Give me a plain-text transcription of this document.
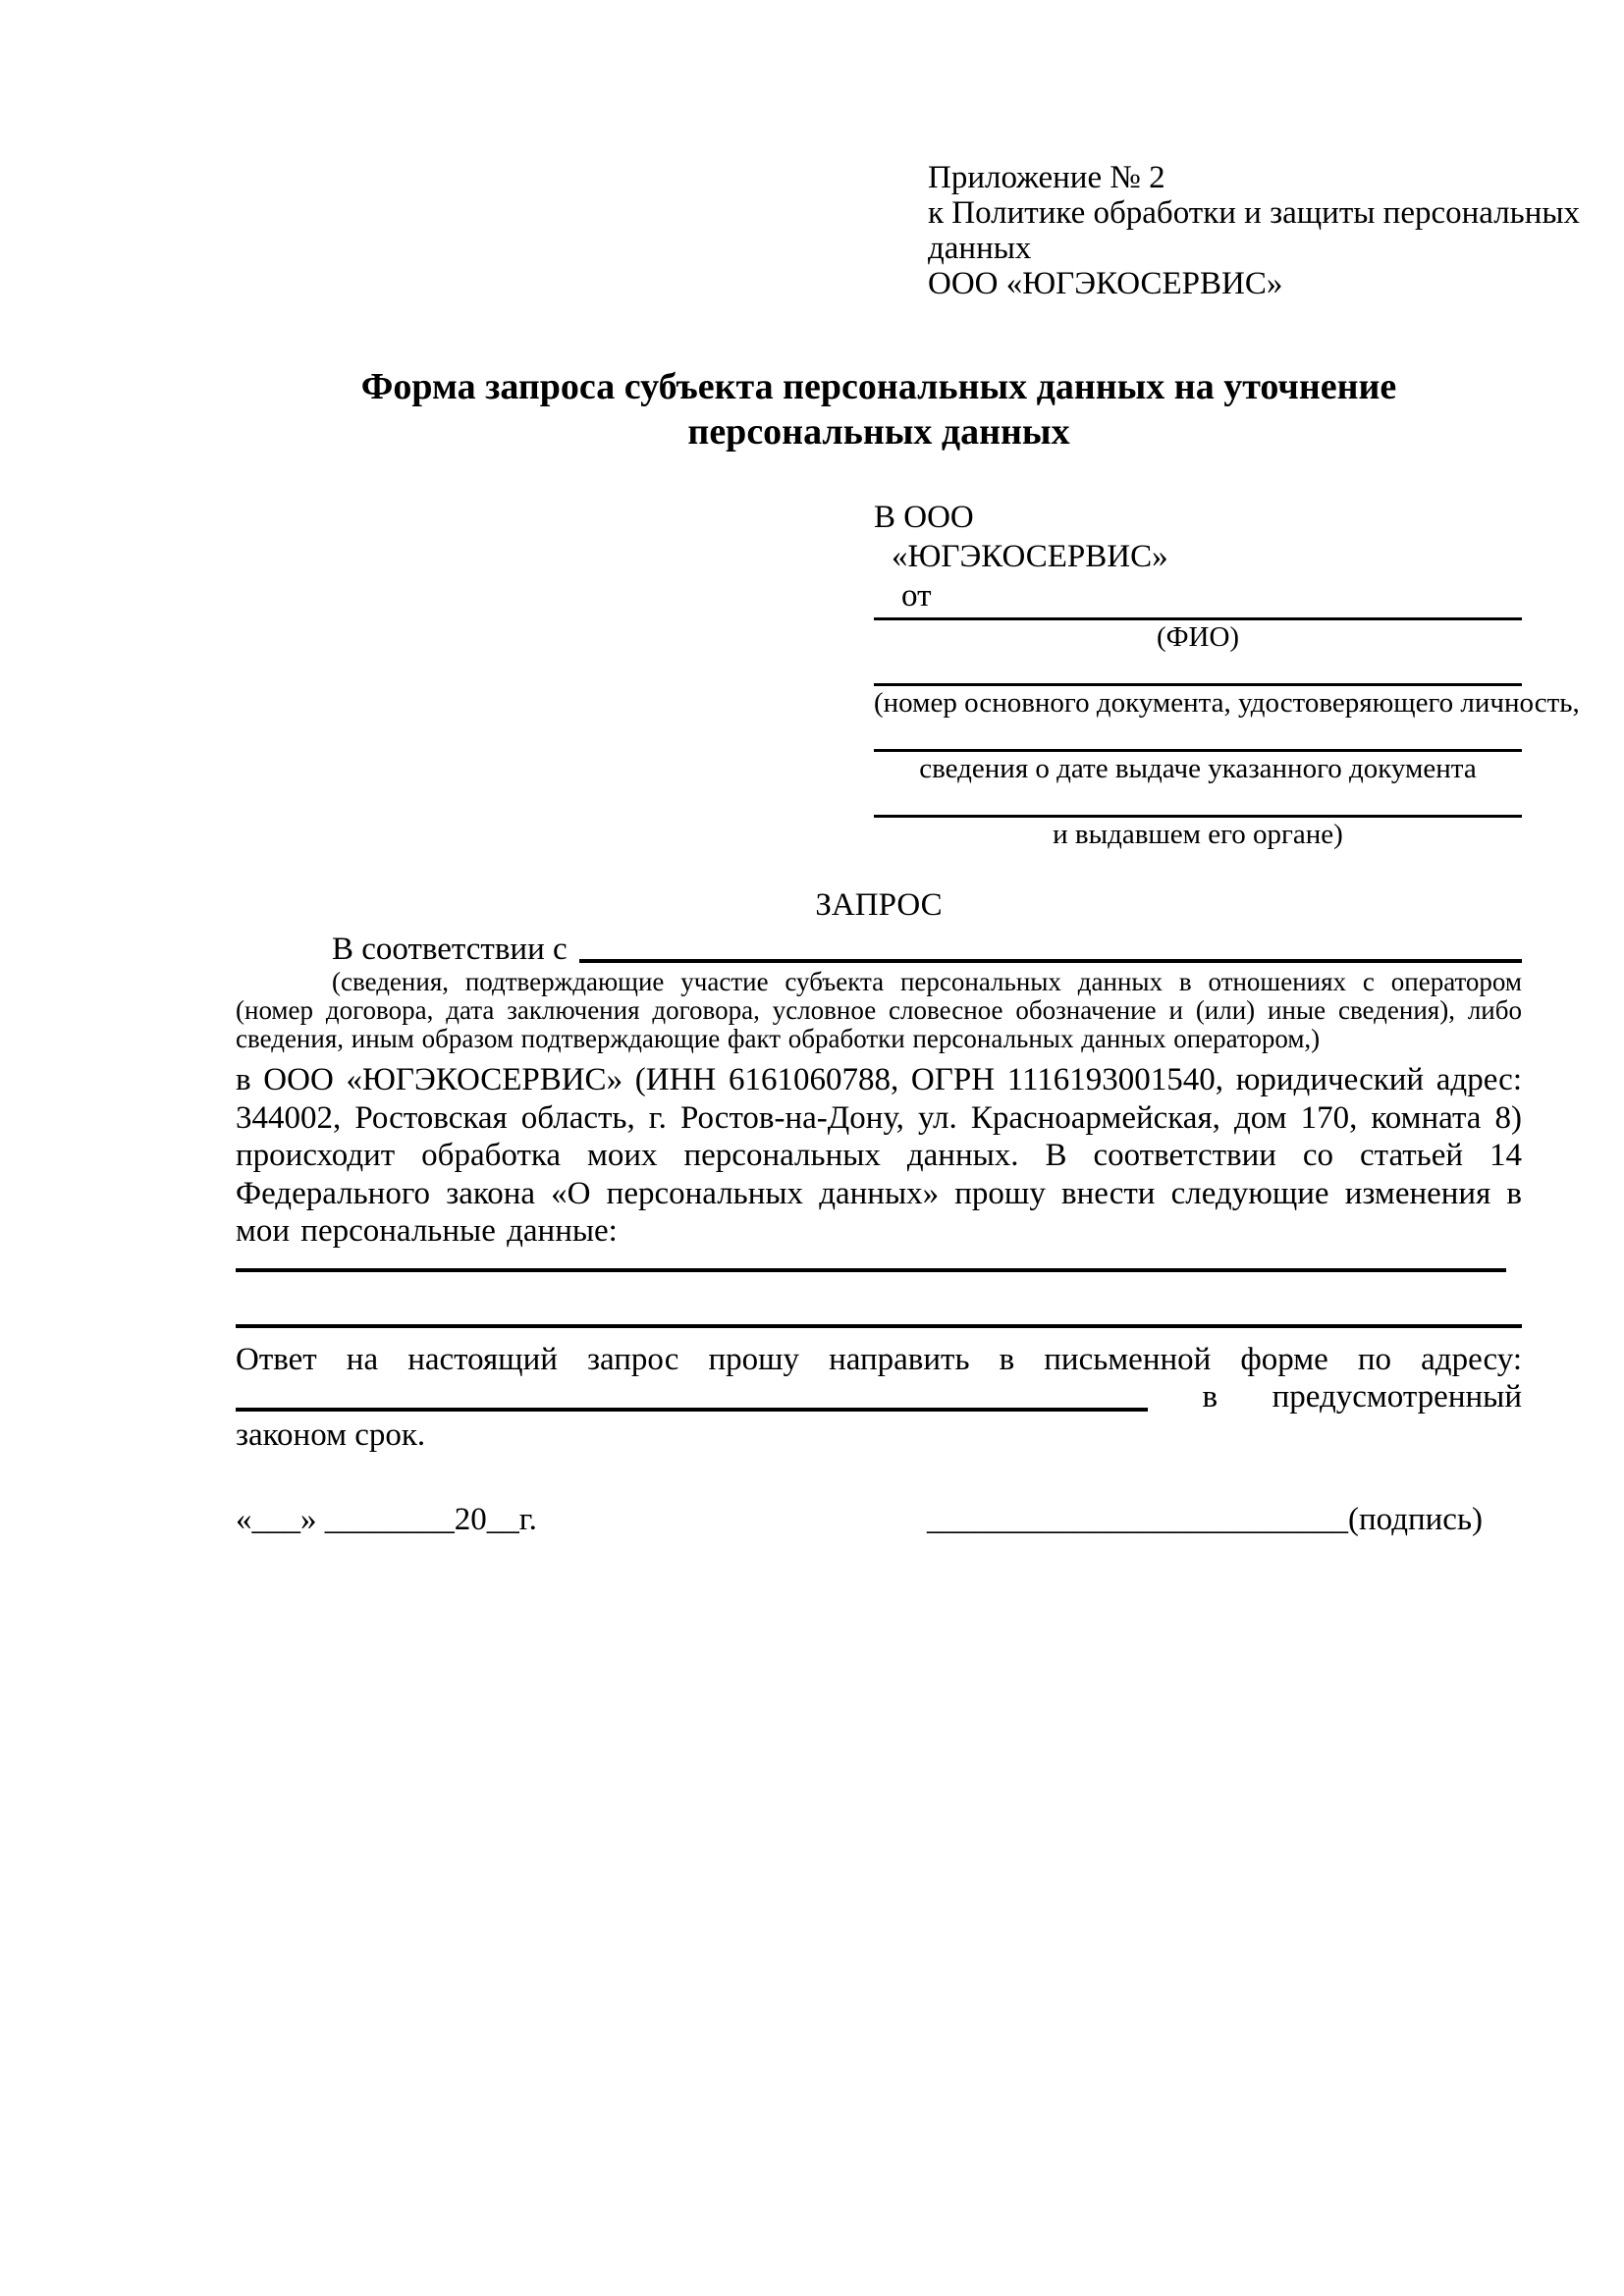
Приложение № 2
к Политике обработки и защиты персональных
данных
ООО «ЮГЭКОСЕРВИС»
Форма запроса субъекта персональных данных на уточнение
персональных данных
В ООО
«ЮГЭКОСЕРВИС»
от
(ФИО)
(номер основного документа, удостоверяющего личность,
сведения о дате выдаче указанного документа
и выдавшем его органе)
ЗАПРОС
В соответствии с
(сведения, подтверждающие участие субъекта персональных данных в отношениях с оператором (номер договора, дата заключения договора, условное словесное обозначение и (или) иные сведения), либо сведения, иным образом подтверждающие факт обработки персональных данных оператором,)
в ООО «ЮГЭКОСЕРВИС» (ИНН 6161060788, ОГРН 1116193001540, юридический адрес: 344002, Ростовская область, г. Ростов-на-Дону, ул. Красноармейская, дом 170, комната 8) происходит обработка моих персональных данных. В соответствии со статьей 14 Федерального закона «О персональных данных» прошу внести следующие изменения в мои персональные данные:
Ответ на настоящий запрос прошу направить в письменной форме по адресу:
в предусмотренный
законом срок.
«___» ________20__г.	__________________________(подпись)
